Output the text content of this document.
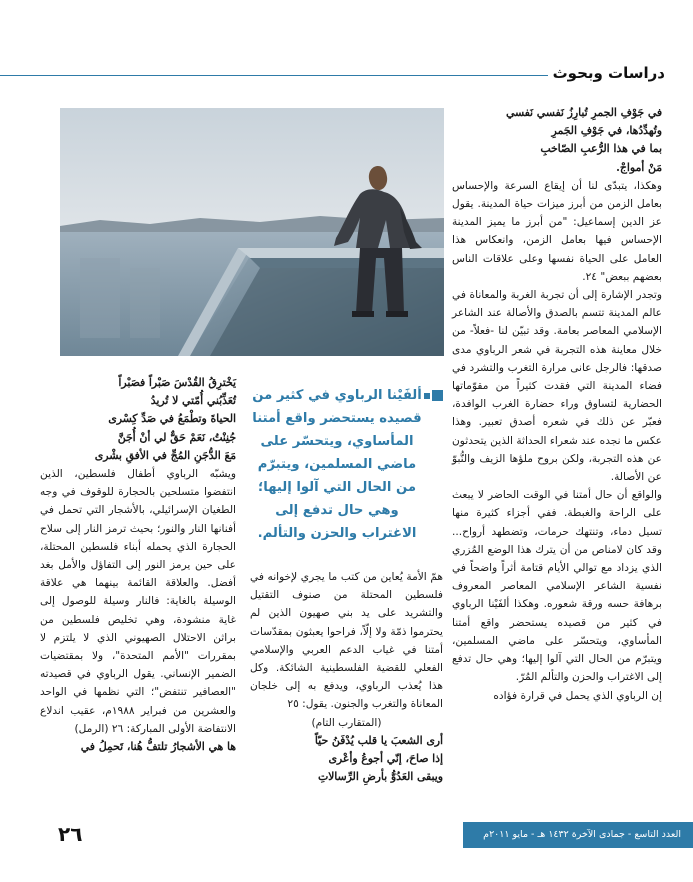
دراسات وبحوث

في جَوْفِ الجمرِ تُبارِزُ نَفسي نَفسي

وتُهدِّدُها، في جَوْفِ الجَمرِ

بما في هذا الرُّعبِ الصّاخبِ

مَنْ أمواجْ.

وهكذا، يتبدّى لنا أن إيقاع السرعة والإحساس بعامل الزمن من أبرز ميزات حياة المدينة. يقول عز الدين إسماعيل: "من أبرز ما يميز المدينة الإحساس فيها بعامل الزمن، وانعكاس هذا العامل على الحياة نفسها وعلى علاقات الناس بعضهم ببعض" ٢٤.

وتجدر الإشارة إلى أن تجربة الغربة والمعاناة في عالم المدينة تتسم بالصدق والأصالة عند الشاعر الإسلامي المعاصر بعامة. وقد تبيّن لنا -فعلاً- من خلال معاينة هذه التجربة في شعر الرباوي مدى صدقها: فالرجل عانى مرارة التغرب والتشرد في فضاء المدينة التي فقدت كثيراً من مقوّماتها الحضارية لتساوق وراء حضارة الغرب الوافدة، فعبّر عن ذلك في شعره أصدق تعبير. وهذا عكس ما نجده عند شعراء الحداثة الذين يتحدثون عن هذه التجربة، ولكن بروح ملؤها الزيف والنُّبوّ عن الأصالة.

والواقع أن حال أمتنا في الوقت الحاضر لا يبعث على الراحة والغبطة. ففي أجزاء كثيرة منها تسيل دماء، وتنتهك حرمات، وتضطهد أرواح... وقد كان لامناص من أن يترك هذا الوضع المُزري الذي يزداد مع توالي الأيام قتامة أثراً واضحاً في نفسية الشاعر الإسلامي المعاصر المعروف برهافة حسه ورقة شعوره. وهكذا ألفَيْنا الرباوي في كثير من قصيده يستحضر واقع أمتنا المأساوي، ويتحسّر على ماضي المسلمين، ويتبرّم من الحال التي آلوا إليها؛ وهي حال تدفع إلى الاغتراب والحزن والتألم المُرّ.

إن الرباوي الذي يحمل في قرارة فؤاده

ألفَيْنا الرباوي في كثير من قصيده يستحضر واقع أمتنا المأساوي، ويتحسّر على ماضي المسلمين، ويتبرّم من الحال التي آلوا إليها؛ وهي حال تدفع إلى الاغتراب والحزن والتألم.

همّ الأمة يُعاين من كتب ما يجري لإخوانه في فلسطين المحتلة من صنوف التقتيل والتشريد على يد بني صهيون الذين لم يحترموا ذمّة ولا إلّاً، فراحوا يعبثون بمقدّسات أمتنا في غياب الدعم العربي والإسلامي الفعلي للقضية الفلسطينية الشائكة. وكل هذا يُعذب الرباوي، ويدفع به إلى خلجان المعاناة والتغرب والجنون. يقول: ٢٥

(المتقارب التام)

أرى الشعبَ يا قلب يُدْفَنُ حيّاً

إذا صاحَ، إنّي أجوعُ وأعْرى

ويبقى العَدُوُّ بأرضِ الرِّسالاتِ

يَخْترِقُ القُدْسَ صَبْراً فصَبْراً

تُعَذِّبُني أُمّتي لا تُريدُ

الحياةَ وتطْمَعُ في صَدِّ كِسْرى

جُنِنْتُ، نَعَمْ حَقٌّ لي أنْ أُجَنَّ

مَعَ الدُّجَنِ المُجِّ في الأفقِ بشْرى

ويشبّه الرباوي أطفال فلسطين، الذين انتفضوا متسلحين بالحجارة للوقوف في وجه الطغيان الإسرائيلي، بالأشجار التي تحمل في أفنانها النار والنور؛ بحيث ترمز النار إلى سلاح الحجارة الذي يحمله أبناء فلسطين المحتلة، على حين يرمز النور إلى التفاؤل والأمل بغد أفضل. والعلاقة القائمة بينهما هي علاقة الوسيلة بالغاية: فالنار وسيلة للوصول إلى غاية منشودة، وهي تخليص فلسطين من براثن الاحتلال الصهيوني الذي لا يلتزم لا بمقررات "الأمم المتحدة"، ولا بمقتضيات الضمير الإنساني. يقول الرباوي في قصيدته "العصافير تنتفض"؛ التي نظمها في الواحد والعشرين من فبراير ١٩٨٨م، عقيب اندلاع الانتفاضة الأولى المباركة: ٢٦ (الرمل)

ها هي الأشجارُ تلتفُّ هُنا، تَحمِلُ في

٢٦	العدد التاسع - جمادى الآخرة ١٤٣٢ هـ - مايو ٢٠١١م
